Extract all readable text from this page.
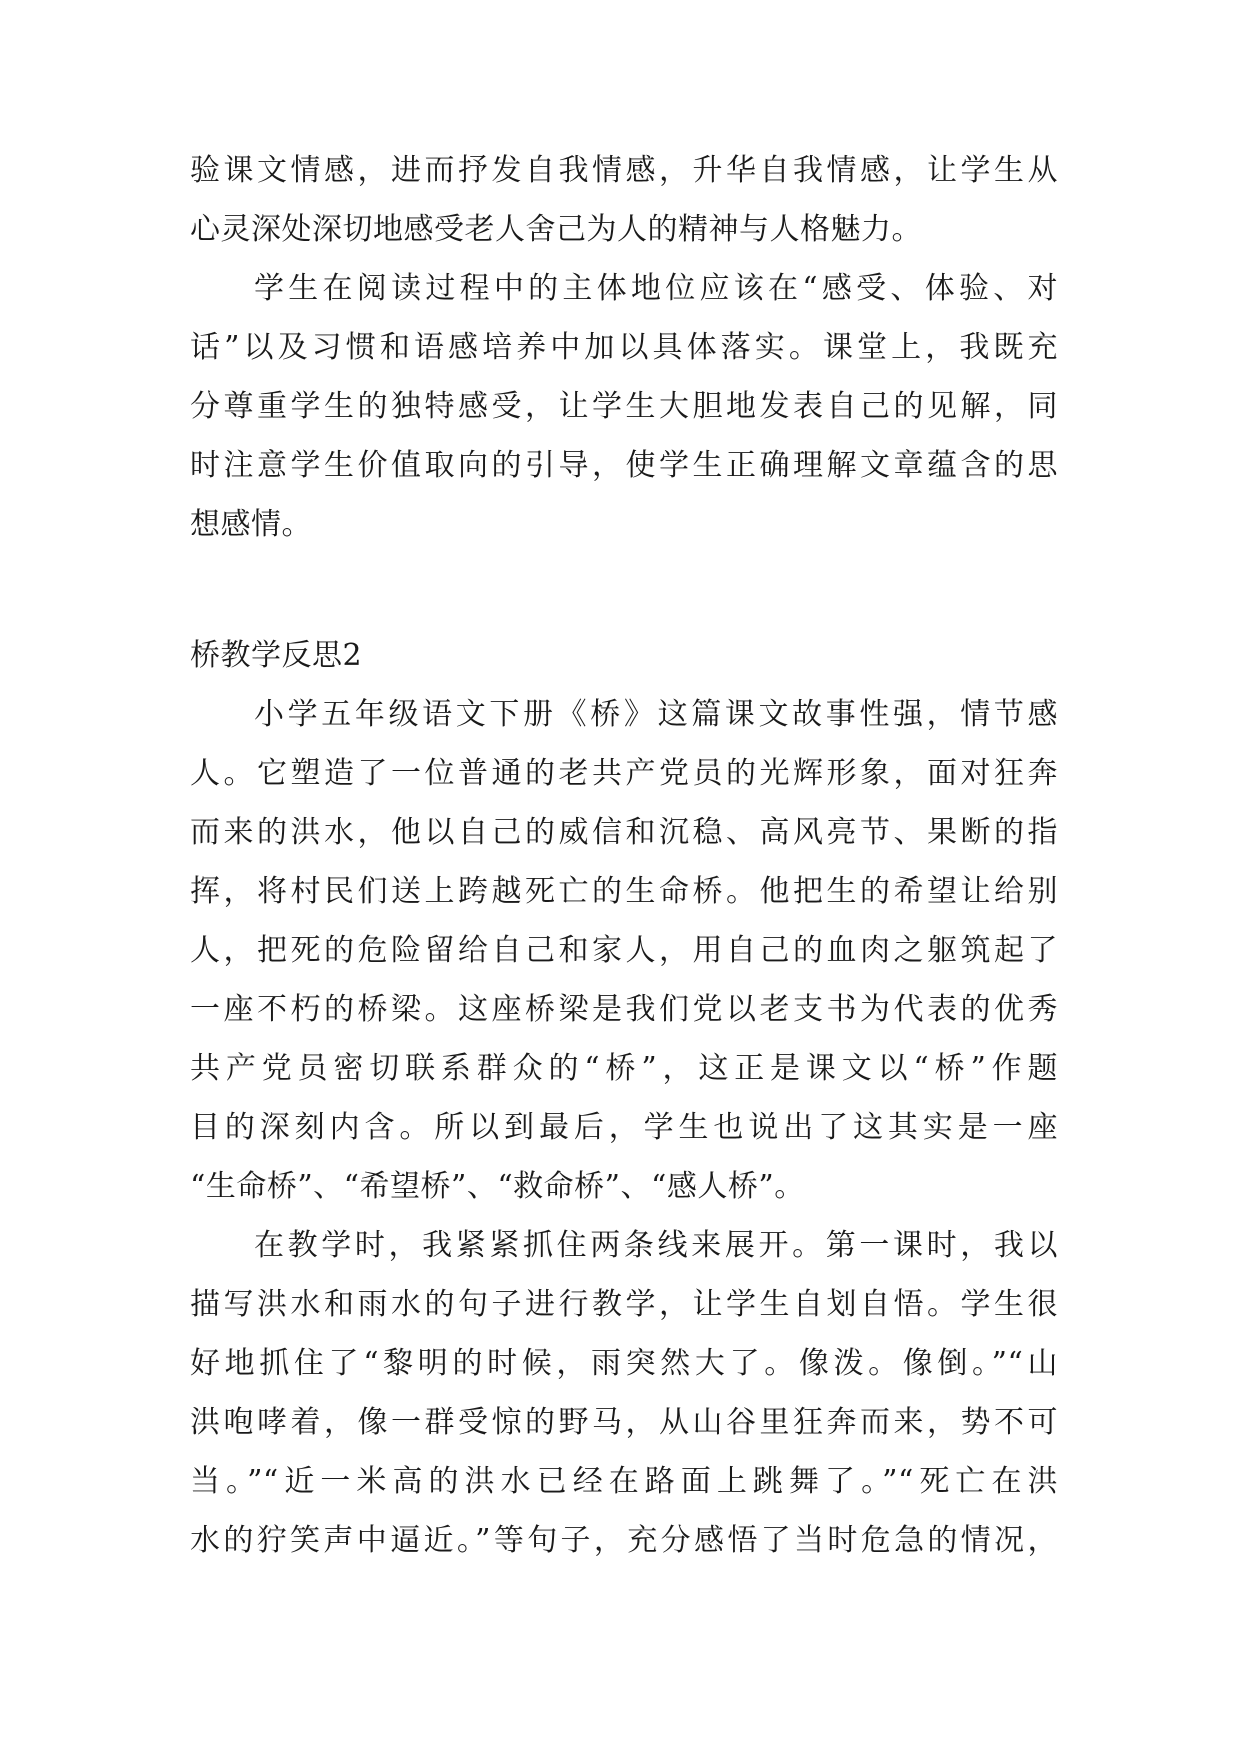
验课文情感，进而抒发自我情感，升华自我情感，让学生从
心灵深处深切地感受老人舍己为人的精神与人格魅力。
学生在阅读过程中的主体地位应该在“感受、体验、对
话”以及习惯和语感培养中加以具体落实。课堂上，我既充
分尊重学生的独特感受，让学生大胆地发表自己的见解，同
时注意学生价值取向的引导，使学生正确理解文章蕴含的思
想感情。
桥教学反思2
小学五年级语文下册《桥》这篇课文故事性强，情节感
人。它塑造了一位普通的老共产党员的光辉形象，面对狂奔
而来的洪水，他以自己的威信和沉稳、高风亮节、果断的指
挥，将村民们送上跨越死亡的生命桥。他把生的希望让给别
人，把死的危险留给自己和家人，用自己的血肉之躯筑起了
一座不朽的桥梁。这座桥梁是我们党以老支书为代表的优秀
共产党员密切联系群众的“桥”，这正是课文以“桥”作题
目的深刻内含。所以到最后，学生也说出了这其实是一座
“生命桥”、“希望桥”、“救命桥”、“感人桥”。
在教学时，我紧紧抓住两条线来展开。第一课时，我以
描写洪水和雨水的句子进行教学，让学生自划自悟。学生很
好地抓住了“黎明的时候，雨突然大了。像泼。像倒。”“山
洪咆哮着，像一群受惊的野马，从山谷里狂奔而来，势不可
当。”“近一米高的洪水已经在路面上跳舞了。”“死亡在洪
水的狞笑声中逼近。”等句子，充分感悟了当时危急的情况，
